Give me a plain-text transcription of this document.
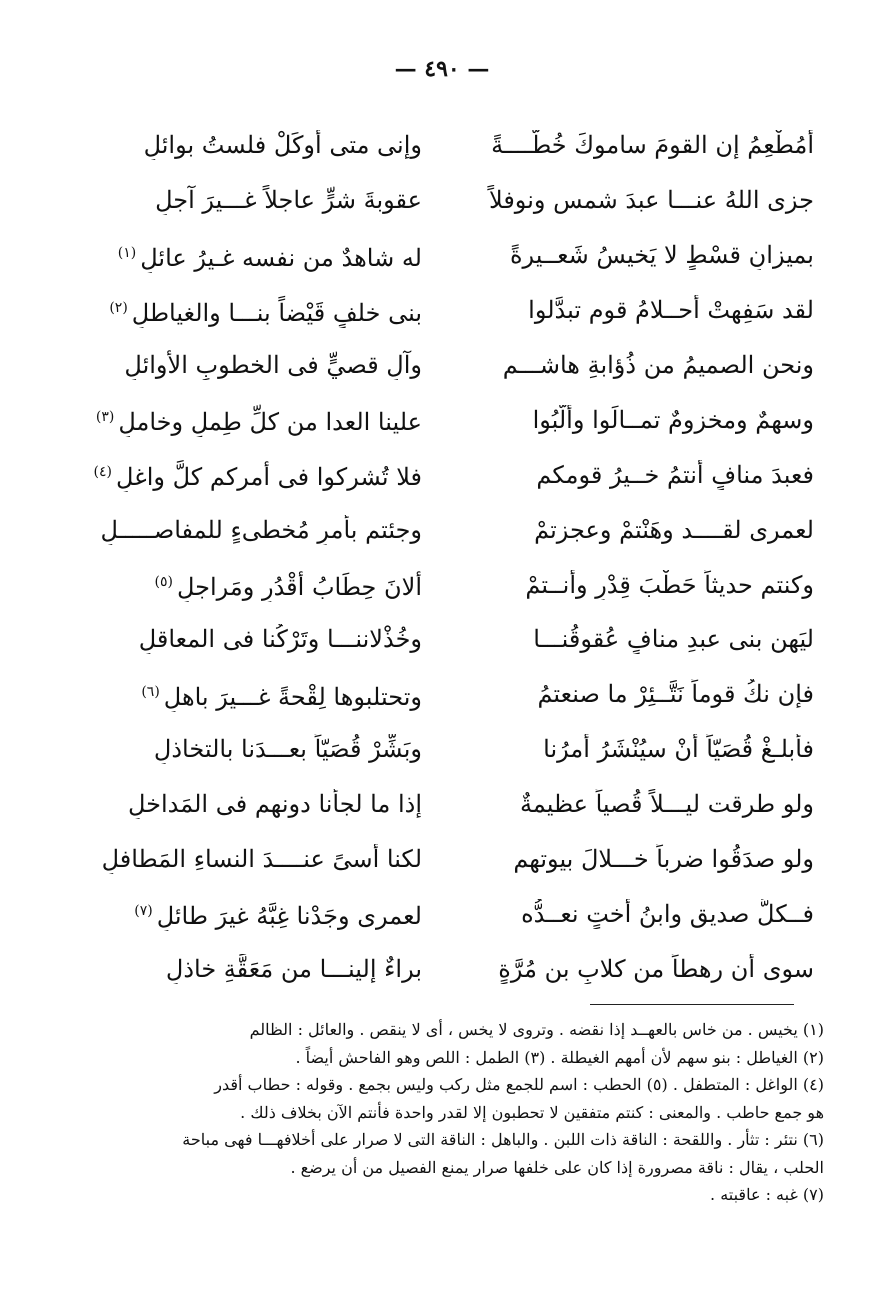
— ٤٩٠ —
أمُطْعِمُ إن القومَ ساموكَ خُطَّــــةً
وإنى متى أُوكَلْ فلستُ بوائلِ
جزى اللهُ عنـــا عبدَ شمسٍ ونوفلاً
عقوبةَ شرٍّ عاجلاً غـــيرَ آجلِ
بميزانِ قسْطٍ لا يَخيسُ شَعــيرةً
له شاهدٌ من نفسه غـيرُ عائلِ$^{(١)}$
لقد سَفِهتْ أحــلامُ قومٍ تبدَّلوا
بنى خلفٍ قَيْضاً بنـــا والغياطلِ$^{(٢)}$
ونحن الصميمُ من ذُؤابةِ هاشـــمٍ
وآلِ قصيٍّ فى الخطوبِ الأوائلِ
وسهمٌ ومخزومٌ تمــالَوا وألَّبُوا
علينا العدا من كلِّ طِملٍ وخاملِ$^{(٣)}$
فعبدَ منافٍ أنتمُ خــيرُ قومكم
فلا تُشركوا فى أمركم كلَّ واغلِ$^{(٤)}$
لعمرى لقــــد وهَنْتمْ وعجزتمْ
وجئتم بأمرٍ مُخطىءٍ للمفاصـــــلِ
وكنتم حديثاً حَطْبَ قِدْرٍ وأنــتمْ
ألانَ حِطَابُ أقْدُرٍ ومَراجلِ$^{(٥)}$
ليَهنِ بنى عبدِ منافٍ عُقوقُنـــا
وخُذْلاننـــا وتَرْكُنا فى المعاقلِ
فإن نكُ قوماً نَتَّــئِرْ ما صنعتمُ
وتحتلبوها لِقْحةً غـــيرَ باهلِ$^{(٦)}$
فأبلـغْ قُصَيّاً أنْ سيُنْشَرُ أمرُنا
وبَشِّرْ قُصَيّاً بعـــدَنا بالتخاذلِ
ولو طرقت ليـــلاً قُصياً عظيمةٌ
إذا ما لجأنا دونهم فى المَداخلِ
ولو صدَقُوا ضرباً خـــلالَ بيوتهم
لكنا أسىً عنــــدَ النساءِ المَطافلِ
فــكلُّ صديقٍ وابنُ أختٍ نعــدُّه
لعمرى وجَدْنا غِبَّهُ غيرَ طائلِ$^{(٧)}$
سوى أن رهطاً من كلابِ بنِ مُرَّةٍ
براءٌ إلينـــا من مَعَقَّةِ خاذلِ
(١) يخيس . من خاس بالعهــد إذا نقضه . وتروى لا يخس ، أى لا ينقص . والعائل : الظالم
(٢) الغياطل : بنو سهم لأن أمهم الغيطلة . (٣) الطمل : اللص وهو الفاحش أيضاً .
(٤) الواغل : المتطفل . (٥) الحطب : اسم للجمع مثل ركب وليس بجمع . وقوله : حطاب أقدر
هو جمع حاطب . والمعنى : كنتم متفقين لا تحطبون إلا لقدر واحدة فأنتم الآن بخلاف ذلك .
(٦) نتئر : تثأر . واللقحة : الناقة ذات اللبن . والباهل : الناقة التى لا صرار على أخلافهـــا فهى مباحة
الحلب ، يقال : ناقة مصرورة إذا كان على خلفها صرار يمنع الفصيل من أن يرضع .
(٧) غبه : عاقبته .
